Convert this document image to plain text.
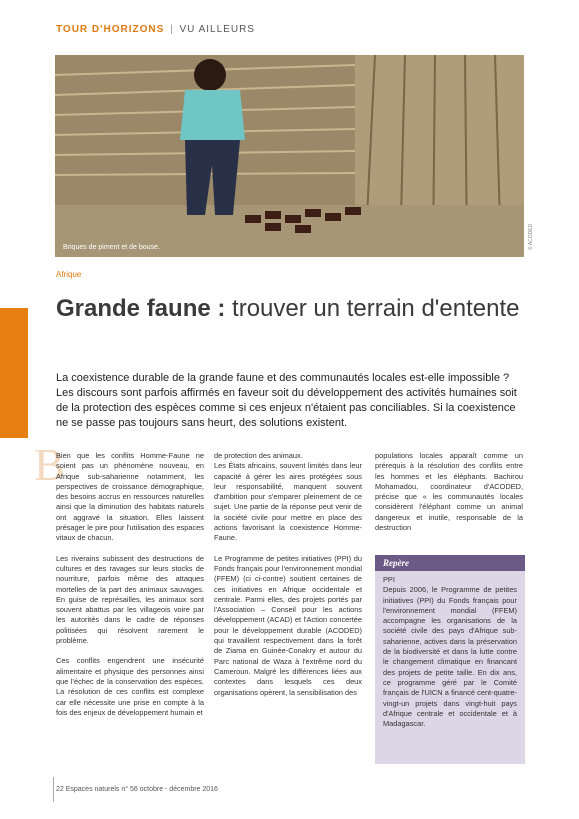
TOUR D'HORIZONS | VU AILLEURS
Briques de piment et de bouse.	© ACODED
Afrique
Grande faune : trouver un terrain d'entente

La coexistence durable de la grande faune et des communautés locales est-elle impossible ? Les discours sont parfois affirmés en faveur soit du développement des activités humaines soit de la protection des espèces comme si ces enjeux n'étaient pas conciliables. Si la coexistence ne se passe pas toujours sans heurt, des solutions existent.

B

Bien que les conflits Homme-Faune ne soient pas un phénomène nouveau, en Afrique sub-saharienne notamment, les perspectives de croissance démographique, des besoins accrus en ressources naturelles ainsi que la diminution des habitats naturels ont aggravé la situation. Elles laissent présager le pire pour l'utilisation des espaces vitaux de chacun.

Les riverains subissent des destructions de cultures et des ravages sur leurs stocks de nourriture, parfois même des attaques mortelles de la part des animaux sauvages. En guise de représailles, les animaux sont souvent abattus par les villageois voire par les autorités dans le cadre de réponses politisées qui résolvent rarement le problème.

Ces conflits engendrent une insécurité alimentaire et physique des personnes ainsi que l'échec de la conservation des espèces. La résolution de ces conflits est complexe car elle nécessite une prise en compte à la fois des enjeux de développement humain et

de protection des animaux.

Les États africains, souvent limités dans leur capacité à gérer les aires protégées sous leur responsabilité, manquent souvent d'ambition pour s'emparer pleinement de ce sujet. Une partie de la réponse peut venir de la société civile pour mettre en place des actions favorisant la coexistence Homme-Faune.

Le Programme de petites initiatives (PPI) du Fonds français pour l'environnement mondial (FFEM) (ci ci-contre) soutient certaines de ces initiatives en Afrique occidentale et centrale. Parmi elles, des projets portés par l'Association – Conseil pour les actions développement (ACAD) et l'Action concertée pour le développement durable (ACODED) qui travaillent respectivement dans la forêt de Ziama en Guinée-Conakry et autour du Parc national de Waza à l'extrême nord du Cameroun. Malgré les différences liées aux contextes dans lesquels ces deux organisations opèrent, la sensibilisation des

populations locales apparaît comme un prérequis à la résolution des conflits entre les hommes et les éléphants. Bachirou Mohamadou, coordinateur d'ACODED, précise que « les communautés locales considèrent l'éléphant comme un animal dangereux et inutile, responsable de la destruction

Repère
PPI
Depuis 2006, le Programme de petites initiatives (PPI) du Fonds français pour l'environnement mondial (FFEM) accompagne les organisations de la société civile des pays d'Afrique sub-saharienne, actives dans la préservation de la biodiversité et dans la lutte contre le changement climatique en financant des projets de petite taille. En dix ans, ce programme géré par le Comité français de l'UICN a financé cent-quatre-vingt-un projets dans vingt-huit pays d'Afrique centrale et occidentale et à Madagascar.
22 Espaces naturels n° 56 octobre - décembre 2016
